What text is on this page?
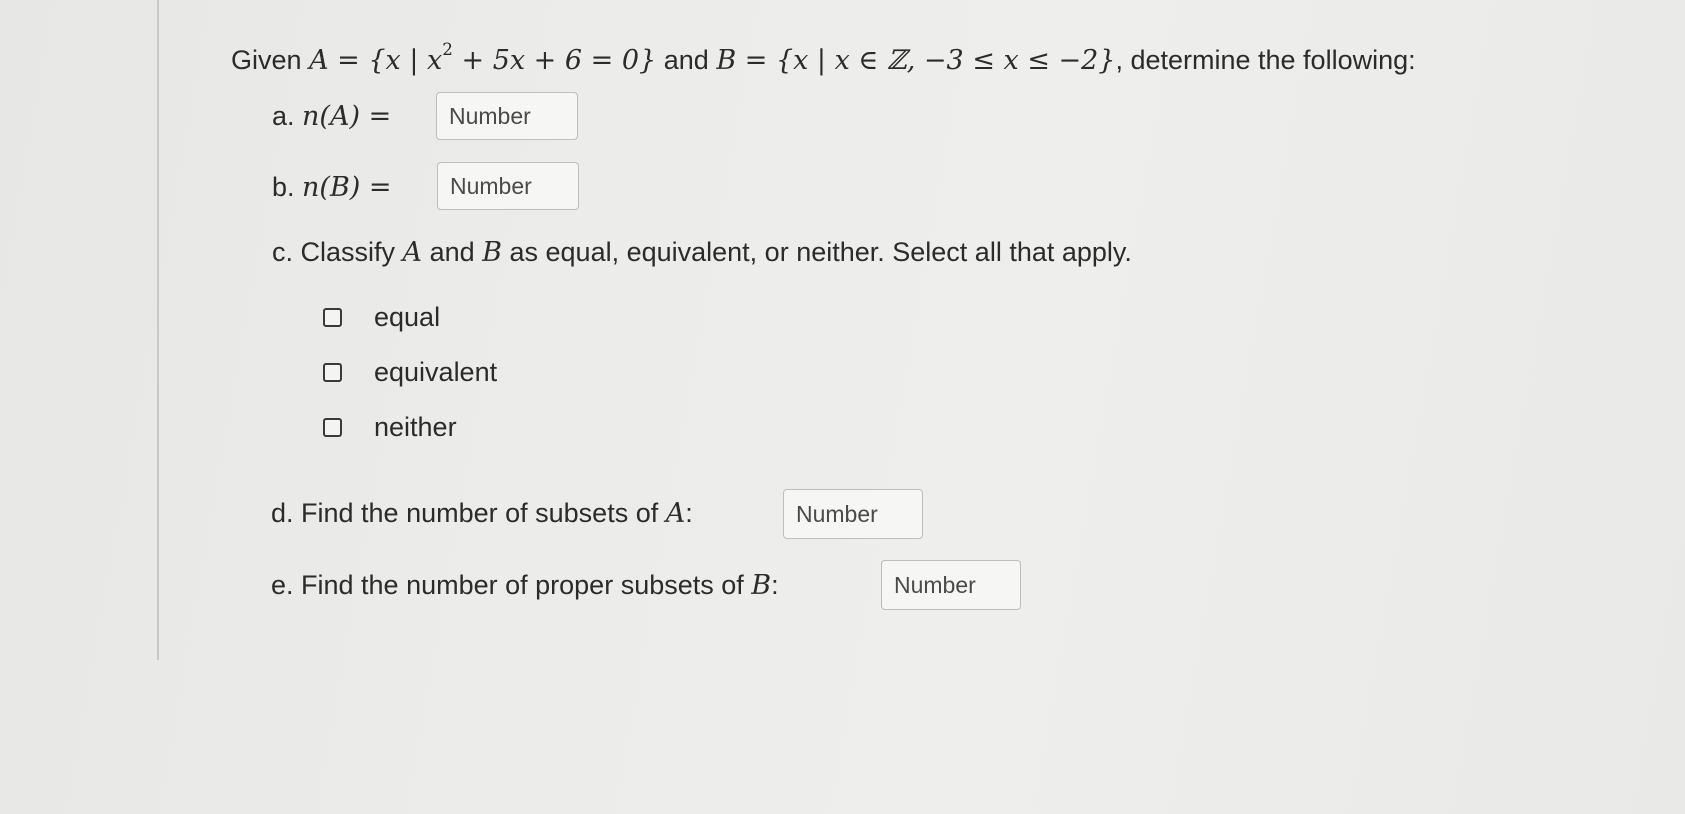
Given A = {x | $x^2 + 5x + 6 = 0$} and B = {x | x ∈ ℤ, −3 ≤ x ≤ −2}, determine the following:
a. n(A) =
Number
b. n(B) =
Number
c. Classify A and B as equal, equivalent, or neither. Select all that apply.
equal
equivalent
neither
d. Find the number of subsets of A:
Number
e. Find the number of proper subsets of B:
Number
